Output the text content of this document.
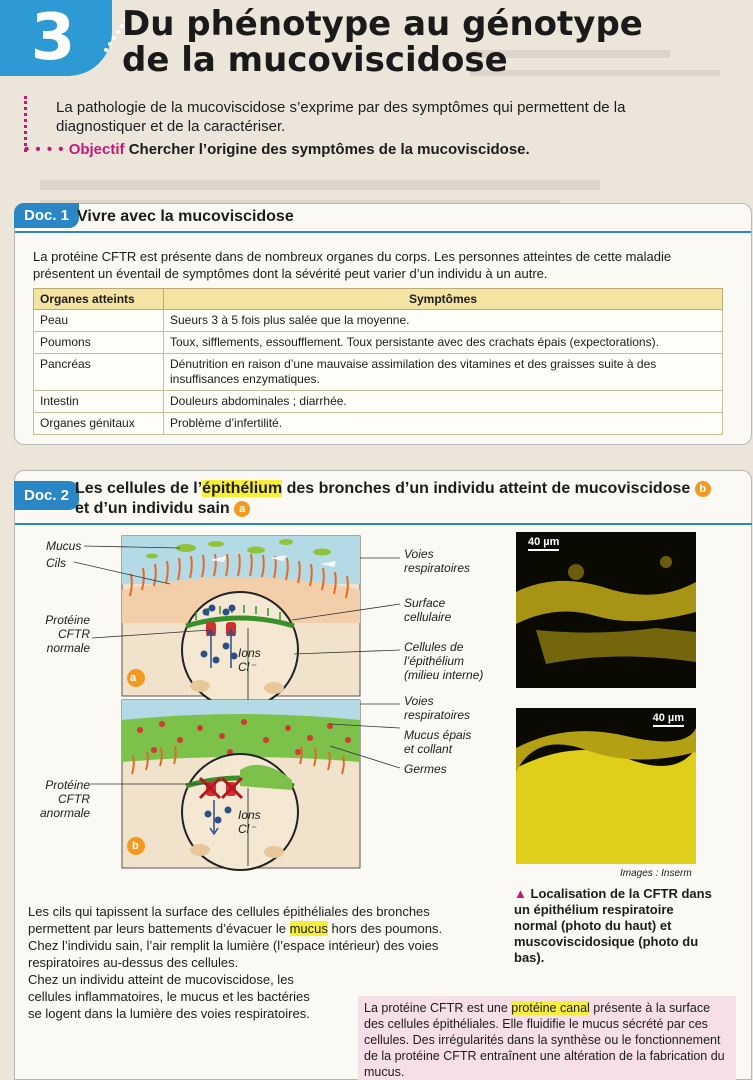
3	Du phénotype au génotype
de la mucoviscidose
La pathologie de la mucoviscidose s’exprime par des symptômes qui permettent de la diagnostiquer et de la caractériser.
• • • • Objectif Chercher l’origine des symptômes de la mucoviscidose.
Doc. 1 Vivre avec la mucoviscidose
La protéine CFTR est présente dans de nombreux organes du corps. Les personnes atteintes de cette maladie présentent un éventail de symptômes dont la sévérité peut varier d’un individu à un autre.
Organes atteints	Symptômes
Peau	Sueurs 3 à 5 fois plus salée que la moyenne.
Poumons	Toux, sifflements, essoufflement. Toux persistante avec des crachats épais (expectorations).
Pancréas	Dénutrition en raison d’une mauvaise assimilation des vitamines et des graisses suite à des insuffisances enzymatiques.
Intestin	Douleurs abdominales ; diarrhée.
Organes génitaux	Problème d’infertilité.
Doc. 2 Les cellules de l’épithélium des bronches d’un individu atteint de mucoviscidose b
et d’un individu sain a
Mucus
Cils
Protéine
CFTR
normale
Voies
respiratoires
Surface
cellulaire
Cellules de
l’épithélium
(milieu interne)
Ions
Cl⁻
a
Voies
respiratoires
Mucus épais
et collant
Germes
Protéine
CFTR
anormale	Ions
Cl⁻
b
40 µm
40 µm
Images : Inserm
▲ Localisation de la CFTR dans un épithélium respiratoire normal (photo du haut) et muscoviscidosique (photo du bas).
Les cils qui tapissent la surface des cellules épithéliales des bronches permettent par leurs battements d’évacuer le mucus hors des poumons.
Chez l’individu sain, l’air remplit la lumière (l’espace intérieur) des voies respiratoires au-dessus des cellules.
Chez un individu atteint de mucoviscidose, les cellules inflammatoires, le mucus et les bactéries se logent dans la lumière des voies respiratoires.	La protéine CFTR est une protéine canal présente à la surface des cellules épithéliales. Elle fluidifie le mucus sécrété par ces cellules. Des irrégularités dans la synthèse ou le fonctionnement de la protéine CFTR entraînent une altération de la fabrication du mucus.
